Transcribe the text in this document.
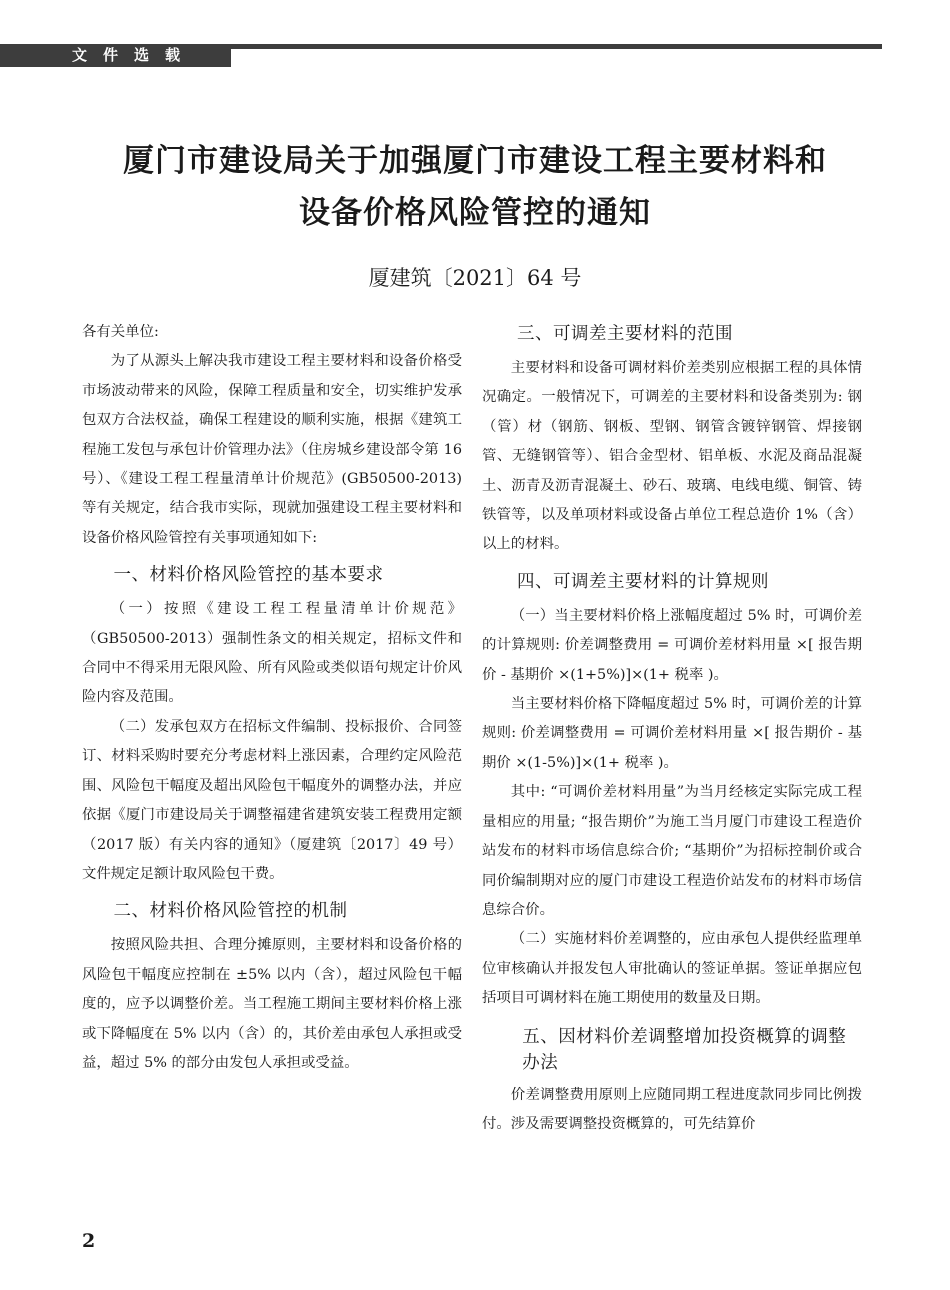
文件选载
厦门市建设局关于加强厦门市建设工程主要材料和
设备价格风险管控的通知
厦建筑〔2021〕64 号

各有关单位:

为了从源头上解决我市建设工程主要材料和设备价格受市场波动带来的风险，保障工程质量和安全，切实维护发承包双方合法权益，确保工程建设的顺利实施，根据《建筑工程施工发包与承包计价管理办法》（住房城乡建设部令第 16 号）、《建设工程工程量清单计价规范》(GB50500-2013) 等有关规定，结合我市实际，现就加强建设工程主要材料和设备价格风险管控有关事项通知如下:

一、材料价格风险管控的基本要求

（一）按照《建设工程工程量清单计价规范》（GB50500-2013）强制性条文的相关规定，招标文件和合同中不得采用无限风险、所有风险或类似语句规定计价风险内容及范围。

（二）发承包双方在招标文件编制、投标报价、合同签订、材料采购时要充分考虑材料上涨因素，合理约定风险范围、风险包干幅度及超出风险包干幅度外的调整办法，并应依据《厦门市建设局关于调整福建省建筑安装工程费用定额（2017 版）有关内容的通知》（厦建筑〔2017〕49 号）文件规定足额计取风险包干费。

二、材料价格风险管控的机制

按照风险共担、合理分摊原则，主要材料和设备价格的风险包干幅度应控制在 ±5% 以内（含），超过风险包干幅度的，应予以调整价差。当工程施工期间主要材料价格上涨或下降幅度在 5% 以内（含）的，其价差由承包人承担或受益，超过 5% 的部分由发包人承担或受益。

三、可调差主要材料的范围

主要材料和设备可调材料价差类别应根据工程的具体情况确定。一般情况下，可调差的主要材料和设备类别为: 钢（管）材（钢筋、钢板、型钢、钢管含镀锌钢管、焊接钢管、无缝钢管等）、铝合金型材、铝单板、水泥及商品混凝土、沥青及沥青混凝土、砂石、玻璃、电线电缆、铜管、铸铁管等，以及单项材料或设备占单位工程总造价 1%（含）以上的材料。

四、可调差主要材料的计算规则

（一）当主要材料价格上涨幅度超过 5% 时，可调价差的计算规则: 价差调整费用 = 可调价差材料用量 ×[ 报告期价 - 基期价 ×(1+5%)]×(1+ 税率 )。

当主要材料价格下降幅度超过 5% 时，可调价差的计算规则: 价差调整费用 = 可调价差材料用量 ×[ 报告期价 - 基期价 ×(1-5%)]×(1+ 税率 )。

其中: “可调价差材料用量”为当月经核定实际完成工程量相应的用量; “报告期价”为施工当月厦门市建设工程造价站发布的材料市场信息综合价; “基期价”为招标控制价或合同价编制期对应的厦门市建设工程造价站发布的材料市场信息综合价。

（二）实施材料价差调整的，应由承包人提供经监理单位审核确认并报发包人审批确认的签证单据。签证单据应包括项目可调材料在施工期使用的数量及日期。

五、因材料价差调整增加投资概算的调整办法

价差调整费用原则上应随同期工程进度款同步同比例拨付。涉及需要调整投资概算的，可先结算价

2
